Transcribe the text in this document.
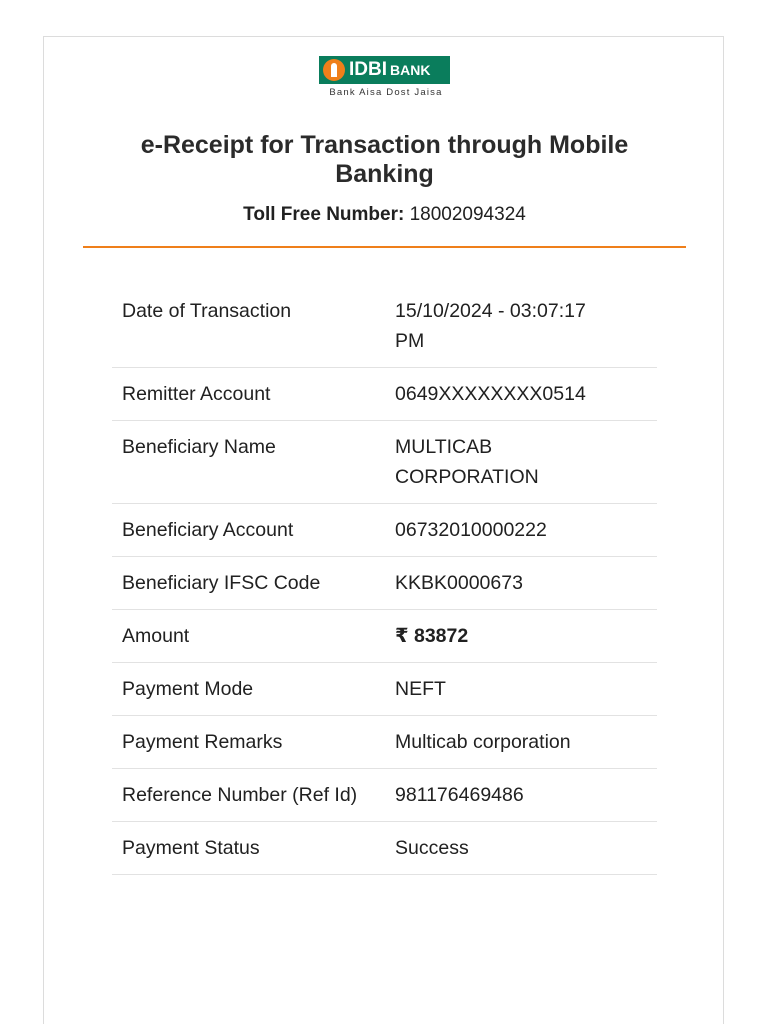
IDBI BANK
Bank Aisa Dost Jaisa
e-Receipt for Transaction through Mobile Banking
Toll Free Number: 18002094324
Date of Transaction	15/10/2024 - 03:07:17 PM
Remitter Account	0649XXXXXXXX0514
Beneficiary Name	MULTICAB CORPORATION
Beneficiary Account	06732010000222
Beneficiary IFSC Code	KKBK0000673
Amount	₹ 83872
Payment Mode	NEFT
Payment Remarks	Multicab corporation
Reference Number (Ref Id)	981176469486
Payment Status	Success
